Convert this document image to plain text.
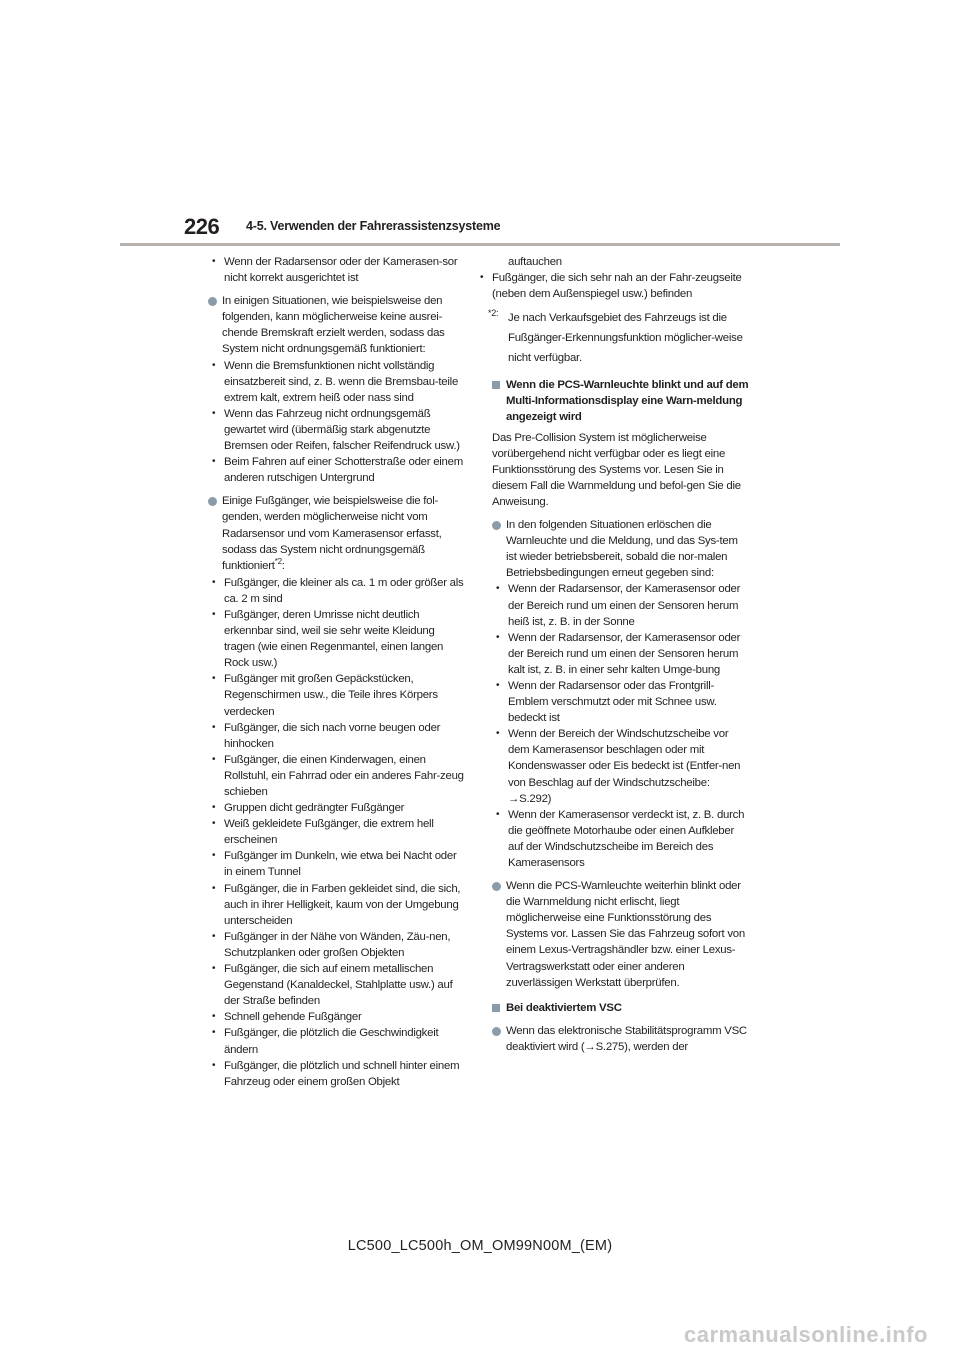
226 4-5. Verwenden der Fahrerassistenzsysteme
• Wenn der Radarsensor oder der Kamerasen-sor nicht korrekt ausgerichtet ist
In einigen Situationen, wie beispielsweise den folgenden, kann möglicherweise keine ausrei-chende Bremskraft erzielt werden, sodass das System nicht ordnungsgemäß funktioniert:
• Wenn die Bremsfunktionen nicht vollständig einsatzbereit sind, z. B. wenn die Bremsbau-teile extrem kalt, extrem heiß oder nass sind
• Wenn das Fahrzeug nicht ordnungsgemäß gewartet wird (übermäßig stark abgenutzte Bremsen oder Reifen, falscher Reifendruck usw.)
• Beim Fahren auf einer Schotterstraße oder einem anderen rutschigen Untergrund
Einige Fußgänger, wie beispielsweise die fol-genden, werden möglicherweise nicht vom Radarsensor und vom Kamerasensor erfasst, sodass das System nicht ordnungsgemäß funktioniert$^{*2}$:
• Fußgänger, die kleiner als ca. 1 m oder größer als ca. 2 m sind
• Fußgänger, deren Umrisse nicht deutlich erkennbar sind, weil sie sehr weite Kleidung tragen (wie einen Regenmantel, einen langen Rock usw.)
• Fußgänger mit großen Gepäckstücken, Regenschirmen usw., die Teile ihres Körpers verdecken
• Fußgänger, die sich nach vorne beugen oder hinhocken
• Fußgänger, die einen Kinderwagen, einen Rollstuhl, ein Fahrrad oder ein anderes Fahr-zeug schieben
• Gruppen dicht gedrängter Fußgänger
• Weiß gekleidete Fußgänger, die extrem hell erscheinen
• Fußgänger im Dunkeln, wie etwa bei Nacht oder in einem Tunnel
• Fußgänger, die in Farben gekleidet sind, die sich, auch in ihrer Helligkeit, kaum von der Umgebung unterscheiden
• Fußgänger in der Nähe von Wänden, Zäu-nen, Schutzplanken oder großen Objekten
• Fußgänger, die sich auf einem metallischen Gegenstand (Kanaldeckel, Stahlplatte usw.) auf der Straße befinden
• Schnell gehende Fußgänger
• Fußgänger, die plötzlich die Geschwindigkeit ändern
• Fußgänger, die plötzlich und schnell hinter einem Fahrzeug oder einem großen Objekt
auftauchen
• Fußgänger, die sich sehr nah an der Fahr-zeugseite (neben dem Außenspiegel usw.) befinden
*2: Je nach Verkaufsgebiet des Fahrzeugs ist die Fußgänger-Erkennungsfunktion möglicher-weise nicht verfügbar.
Wenn die PCS-Warnleuchte blinkt und auf dem Multi-Informationsdisplay eine Warn-meldung angezeigt wird
Das Pre-Collision System ist möglicherweise vorübergehend nicht verfügbar oder es liegt eine Funktionsstörung des Systems vor. Lesen Sie in diesem Fall die Warnmeldung und befol-gen Sie die Anweisung.
In den folgenden Situationen erlöschen die Warnleuchte und die Meldung, und das Sys-tem ist wieder betriebsbereit, sobald die nor-malen Betriebsbedingungen erneut gegeben sind:
• Wenn der Radarsensor, der Kamerasensor oder der Bereich rund um einen der Sensoren herum heiß ist, z. B. in der Sonne
• Wenn der Radarsensor, der Kamerasensor oder der Bereich rund um einen der Sensoren herum kalt ist, z. B. in einer sehr kalten Umge-bung
• Wenn der Radarsensor oder das Frontgrill-Emblem verschmutzt oder mit Schnee usw. bedeckt ist
• Wenn der Bereich der Windschutzscheibe vor dem Kamerasensor beschlagen oder mit Kondenswasser oder Eis bedeckt ist (Entfer-nen von Beschlag auf der Windschutzscheibe:
→S.292)
• Wenn der Kamerasensor verdeckt ist, z. B. durch die geöffnete Motorhaube oder einen Aufkleber auf der Windschutzscheibe im Bereich des Kamerasensors
Wenn die PCS-Warnleuchte weiterhin blinkt oder die Warnmeldung nicht erlischt, liegt möglicherweise eine Funktionsstörung des Systems vor. Lassen Sie das Fahrzeug sofort von einem Lexus-Vertragshändler bzw. einer Lexus-Vertragswerkstatt oder einer anderen zuverlässigen Werkstatt überprüfen.
Bei deaktiviertem VSC
Wenn das elektronische Stabilitätsprogramm VSC deaktiviert wird (→S.275), werden der
LC500_LC500h_OM_OM99N00M_(EM)
carmanualsonline.info
